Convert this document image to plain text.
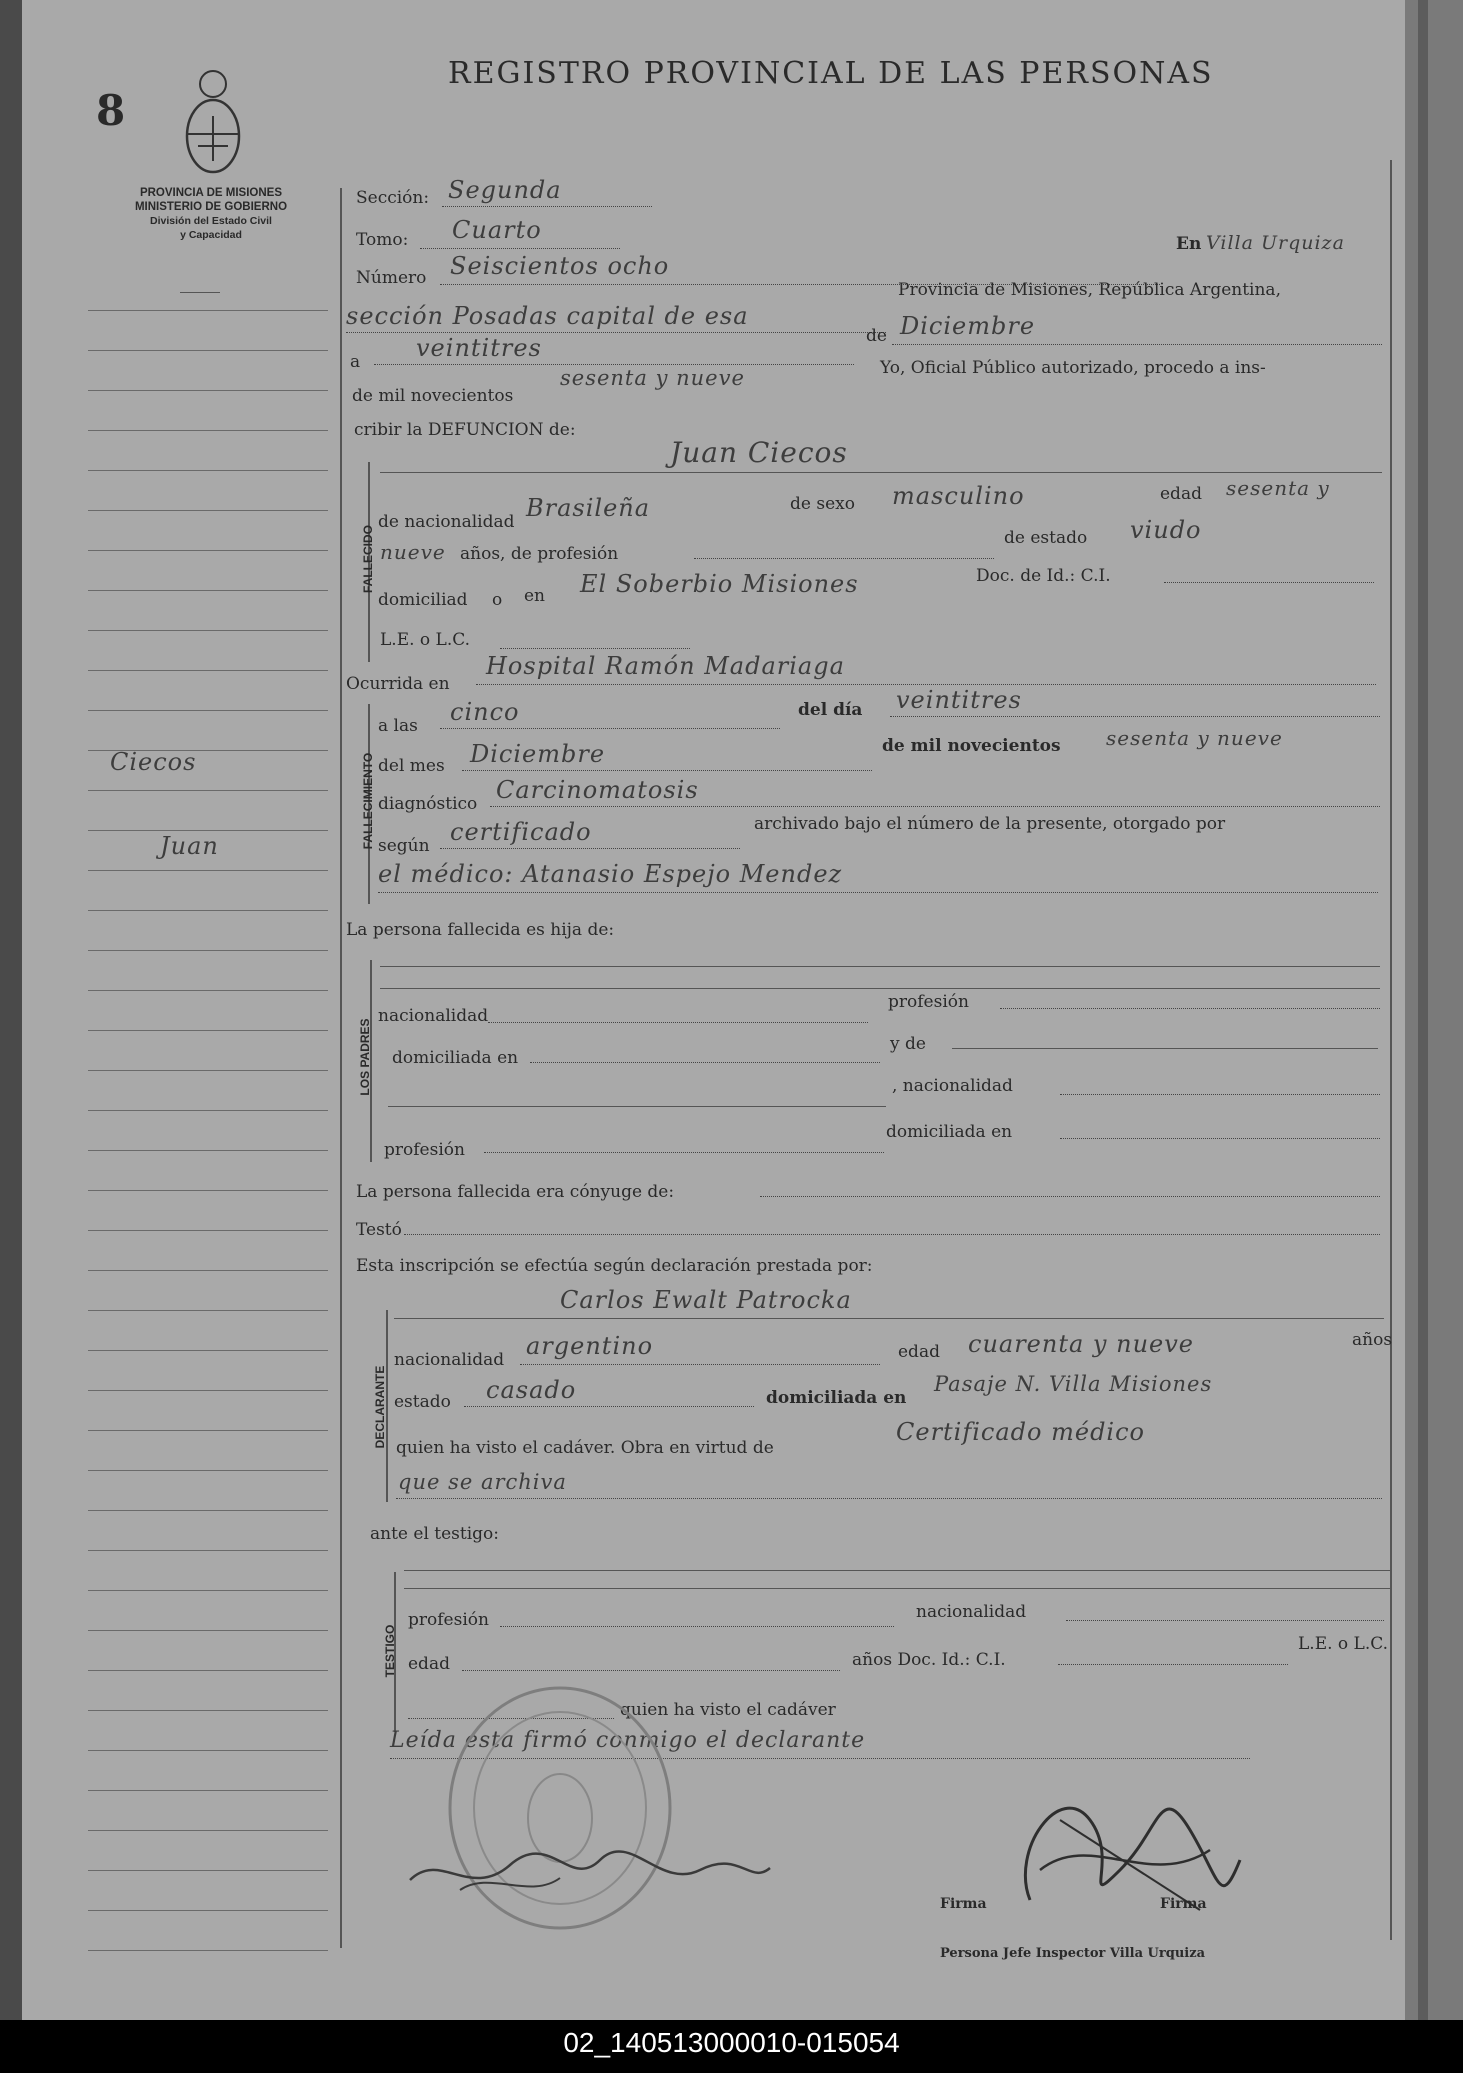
8
REGISTRO PROVINCIAL DE LAS PERSONAS
PROVINCIA DE MISIONES
MINISTERIO DE GOBIERNO
División del Estado Civil
y Capacidad
Ciecos
Juan
Sección: Segunda
Tomo: Cuarto
Número Seiscientos ocho
En Villa Urquiza
sección Posadas capital de esa
Provincia de Misiones, República Argentina,
a veintitres	de Diciembre
de mil novecientos
sesenta y nueve	Yo, Oficial Público autorizado, procedo a ins-
cribir la DEFUNCION de:
FALLECIDO
Juan Ciecos
de nacionalidad Brasileña	de sexo masculino	edad sesenta y
nueve años, de profesión
de estado viudo
domiciliad o en El Soberbio Misiones	Doc. de Id.: C.I.
L.E. o L.C.
Ocurrida en
Hospital Ramón Madariaga
FALLECIMIENTO
a las cinco	del día veintitres
del mes Diciembre	de mil novecientos sesenta y nueve
diagnóstico Carcinomatosis
según certificado	archivado bajo el número de la presente, otorgado por
el médico: Atanasio Espejo Mendez
La persona fallecida es hija de:
LOS PADRES
nacionalidad
profesión
domiciliada en
y de
, nacionalidad
profesión
domiciliada en
La persona fallecida era cónyuge de:
Testó
Esta inscripción se efectúa según declaración prestada por:
DECLARANTE
Carlos Ewalt Patrocka
nacionalidad argentino	edad cuarenta y nueve	años
estado casado	domiciliada en
Pasaje N. Villa Misiones
quien ha visto el cadáver. Obra en virtud de
Certificado médico
que se archiva
ante el testigo:
TESTIGO
profesión	nacionalidad
edad	años Doc. Id.: C.I.
L.E. o L.C.
quien ha visto el cadáver
Leída esta firmó conmigo el declarante
Firma	Firma
Persona Jefe Inspector Villa Urquiza
02_140513000010-015054
